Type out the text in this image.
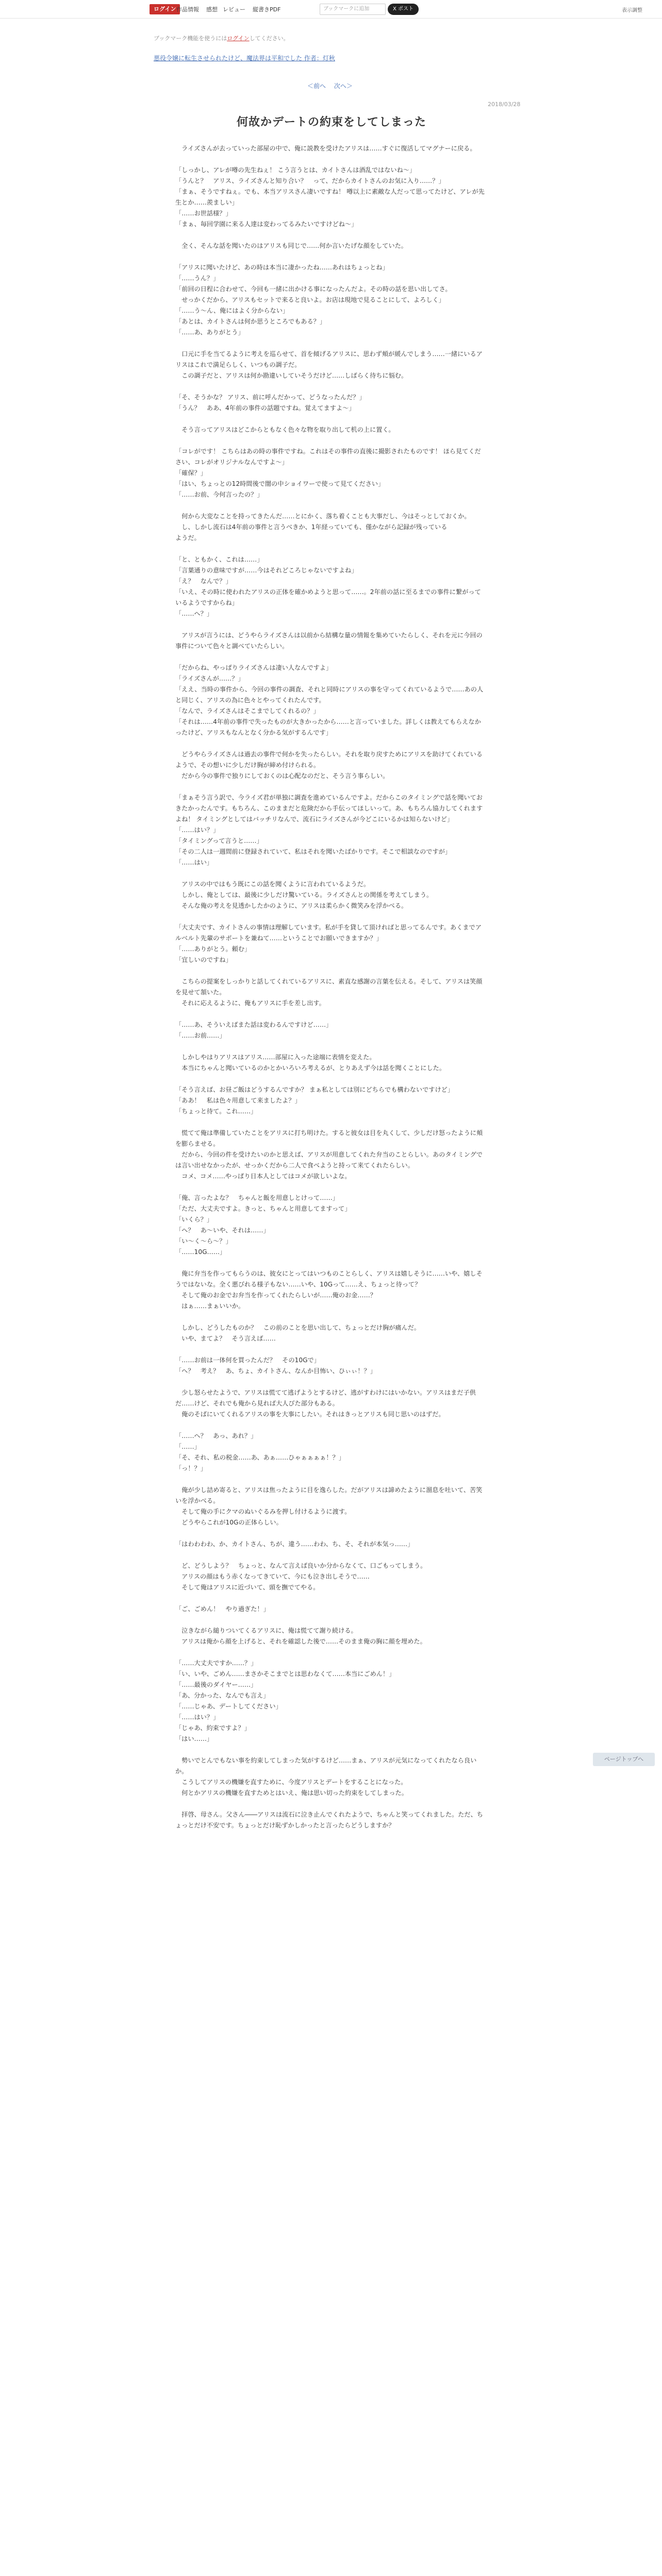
ログイン 作品情報 感想 レビュー 縦書きPDF	ブックマークに追加	X ポスト	表示調整
ブックマーク機能を使うにはログインしてください。
悪役令嬢に転生させられたけど、魔法界は平和でした 作者：灯秋
＜前へ 次へ＞
2018/03/28
何故かデートの約束をしてしまった

　ライズさんが去っていった部屋の中で、俺に説教を受けたアリスは……すぐに復活してマグナーに戻る。

「しっかし、アレが噂の先生ねぇ！ こう言うとは、カイトさんは酒乱ではないね〜」

「うんと？　アリス、ライズさんと知り合い？　って、だからカイトさんのお気に入り……？」

「まぁ、そうですねぇ。でも、本当アリスさん凄いですね！ 噂以上に素敵な人だって思ってたけど、アレが先生とか……羨ましい」

「……お世話様？」

「まぁ、毎回学園に来る人達は変わってるみたいですけどね〜」

　全く、そんな話を聞いたのはアリスも同じで……何か言いたげな顔をしていた。

「アリスに聞いたけど、あの時は本当に凄かったね……あれはちょっとね」

「……うん？」

「前回の日程に合わせて、今回も一緒に出かける事になったんだよ。その時の話を思い出してさ。

　せっかくだから、アリスもセットで来ると良いよ。お店は現地で見ることにして、よろしく」

「……う〜ん、俺にはよく分からない」

「あとは、カイトさんは何か思うところでもある？」

「……あ、ありがとう」

　口元に手を当てるように考えを巡らせて、首を傾げるアリスに、思わず頬が緩んでしまう……一緒にいるアリスはこれで満足らしく、いつもの調子だ。

　この調子だと、アリスは何か勘違いしていそうだけど……しばらく待ちに悩む。

「そ、そうかな？ アリス、前に呼んだかって、どうなったんだ？」

「うん？　ああ、4年前の事件の話題ですね。覚えてますよ〜」

　そう言ってアリスはどこからともなく色々な物を取り出して机の上に置く。

「コレがです！ こちらはあの時の事件ですね。これはその事件の直後に撮影されたものです！ ほら見てください、コレがオリジナルなんですよ〜」

「確保？」

「はい、ちょっとの12時間後で闇の中ショイワーで使って見てください」

「……お前、今何言ったの？」

　何から大変なことを持ってきたんだ……とにかく、落ち着くことも大事だし、今はそっとしておくか。

　し、しかし流石は4年前の事件と言うべきか、1年経っていても、僅かながら記録が残っている

ようだ。

「と、ともかく、これは……」

「言葉通りの意味ですが……今はそれどころじゃないですよね」

「え？　なんで？」

「いえ、その時に使われたアリスの正体を確かめようと思って……。2年前の話に至るまでの事件に繋がっているようですからね」

「……へ？」

　アリスが言うには、どうやらライズさんは以前から結構な量の情報を集めていたらしく、それを元に今回の事件について色々と調べていたらしい。

「だからね、やっぱりライズさんは凄い人なんですよ」

「ライズさんが……？」

「ええ、当時の事件から、今回の事件の調査、それと同時にアリスの事を守ってくれているようで……あの人と同じく、アリスの為に色々とやってくれたんです。

「なんで、ライズさんはそこまでしてくれるの？」

「それは……4年前の事件で失ったものが大きかったから……と言っていました。詳しくは教えてもらえなかったけど、アリスもなんとなく分かる気がするんです」

　どうやらライズさんは過去の事件で何かを失ったらしい。それを取り戻すためにアリスを助けてくれているようで、その想いに少しだけ胸が締め付けられる。

　だから今の事件で独りにしておくのは心配なのだと、そう言う事らしい。

「まぁそう言う訳で、今ライズ君が単独に調査を進めているんですよ。だからこのタイミングで話を聞いておきたかったんです。もちろん、このままだと危険だから手伝ってほしいって。あ、もちろん協力してくれますよね！ タイミングとしてはバッチリなんで、流石にライズさんが今どこにいるかは知らないけど」

「……はい？」

「タイミングって言うと……」

「その二人は一週間前に登録されていて、私はそれを聞いたばかりです。そこで相談なのですが」

「……はい」

　アリスの中ではもう既にこの話を聞くように言われているようだ。

　しかし、俺としては、最後に少しだけ驚いている。ライズさんとの関係を考えてしまう。

　そんな俺の考えを見透かしたかのように、アリスは柔らかく微笑みを浮かべる。

「大丈夫です、カイトさんの事情は理解しています。私が手を貸して頂ければと思ってるんです。あくまでアルベルト先輩のサポートを兼ねて……ということでお願いできますか？」

「……ありがとう。頼む」

「宜しいのですね」

　こちらの提案をしっかりと話してくれているアリスに、素直な感謝の言葉を伝える。そして、アリスは笑顔を見せて頷いた。

　それに応えるように、俺もアリスに手を差し出す。

「……あ、そういえばまた話は変わるんですけど……」

「……お前……」

　しかしやはりアリスはアリス……部屋に入った途端に表情を変えた。

　本当にちゃんと聞いているのかとかいろいろ考えるが、とりあえず今は話を聞くことにした。

「そう言えば、お昼ご飯はどうするんですか？ まぁ私としては別にどちらでも構わないですけど」

「ああ！　私は色々用意して来ましたよ？」

「ちょっと待て。これ……」

　慌てて俺は準備していたことをアリスに打ち明けた。すると彼女は目を丸くして、少しだけ怒ったように頬を膨らませる。

　だから、今回の件を受けたいのかと思えば、アリスが用意してくれた弁当のことらしい。あのタイミングでは言い出せなかったが、せっかくだから二人で食べようと持って来てくれたらしい。

　コメ、コメ……やっぱり日本人としてはコメが欲しいよな。

「俺、言ったよな？　ちゃんと飯を用意しとけって……」

「ただ、大丈夫ですよ。きっと、ちゃんと用意してますって」

「いくら？」

「へ？　あ〜いや、それは……」

「い〜く〜ら〜？」

「……10G……」

　俺に弁当を作ってもらうのは、彼女にとってはいつものことらしく、アリスは嬉しそうに……いや、嬉しそうではないな。全く悪びれる様子もない……いや、10Gって……え、ちょっと待って？

　そして俺のお金でお弁当を作ってくれたらしいが……俺のお金……？

　はぁ……まぁいいか。

　しかし、どうしたものか？　この前のことを思い出して、ちょっとだけ胸が痛んだ。

　いや、まてよ？　そう言えば……

「……お前は一体何を買ったんだ？　その10Gで」

「へ？　考え？　あ、ちょ、カイトさん、なんか目怖い、ひぃぃ！？」

　少し怒らせたようで、アリスは慌てて逃げようとするけど、逃がすわけにはいかない。アリスはまだ子供だ……けど、それでも俺から見れば大人びた部分もある。

　俺のそばにいてくれるアリスの事を大事にしたい。それはきっとアリスも同じ思いのはずだ。

「……へ？　あっ、あれ？」

「……」

「そ、それ、私の税金……あ、あぁ……ひゃぁぁぁぁ！？」

「っ！？」

　俺が少し詰め寄ると、アリスは焦ったように目を逸らした。だがアリスは諦めたように溜息を吐いて、苦笑いを浮かべる。

　そして俺の手にクマのぬいぐるみを押し付けるように渡す。

　どうやらこれが10Gの正体らしい。

「はわわわわ、か、カイトさん、ちが、違う……わわ、ち、そ、それが本気っ……」

　ど、どうしよう？　ちょっと、なんて言えば良いか分からなくて、口ごもってしまう。

　アリスの顔はもう赤くなってきていて、今にも泣き出しそうで……

　そして俺はアリスに近づいて、頭を撫でてやる。

「ご、ごめん！　やり過ぎた！」

　泣きながら縋りついてくるアリスに、俺は慌てて謝り続ける。

　アリスは俺から顔を上げると、それを確認した後で……そのまま俺の胸に顔を埋めた。

「……大丈夫ですか……？」

「い、いや、ごめん……まさかそこまでとは思わなくて……本当にごめん！」

「……最後のダイヤー……」

「あ、分かった、なんでも言え」

「……じゃあ、デートしてください」

「……はい？」

「じゃあ、約束ですよ？」

「はい……」

　勢いでとんでもない事を約束してしまった気がするけど……まぁ、アリスが元気になってくれたなら良いか。

　こうしてアリスの機嫌を直すために、今度アリスとデートをすることになった。

　何とかアリスの機嫌を直すためとはいえ、俺は思い切った約束をしてしまった。

　拝啓、母さん。父さん――アリスは流石に泣き止んでくれたようで、ちゃんと笑ってくれました。ただ、ちょっとだけ不安です。ちょっとだけ恥ずかしかったと言ったらどうしますか？

ページトップへ
